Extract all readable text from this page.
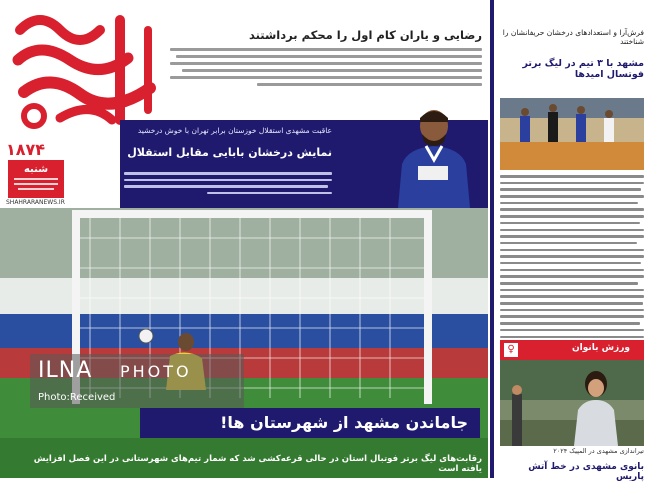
۱۸۷۴
شنبه
SHAHRARANEWS.IR
رضایی و یاران کام اول را محکم برداشتند
عاقبت مشهدی استقلال خوزستان برابر تهران با خوش درخشید
نمایش درخشان بابایی مقابل استقلال
ILNA PHOTO
Photo:Received
جاماندن مشهد از شهرستان ها!
رقابت‌های لیگ برتر فوتبال استان در حالی قرعه‌کشی شد که شمار تیم‌های شهرستانی در این فصل افزایش یافته است
فرش‌آرا و استعدادهای درخشان حریفانشان را شناختند
مشهد با ۳ تیم در لیگ برتر فوتسال امیدها
♀	ورزش بانوان
تیراندازی مشهدی در المپیک ۲۰۲۴
بانوی مشهدی در خط آتش پاریس
